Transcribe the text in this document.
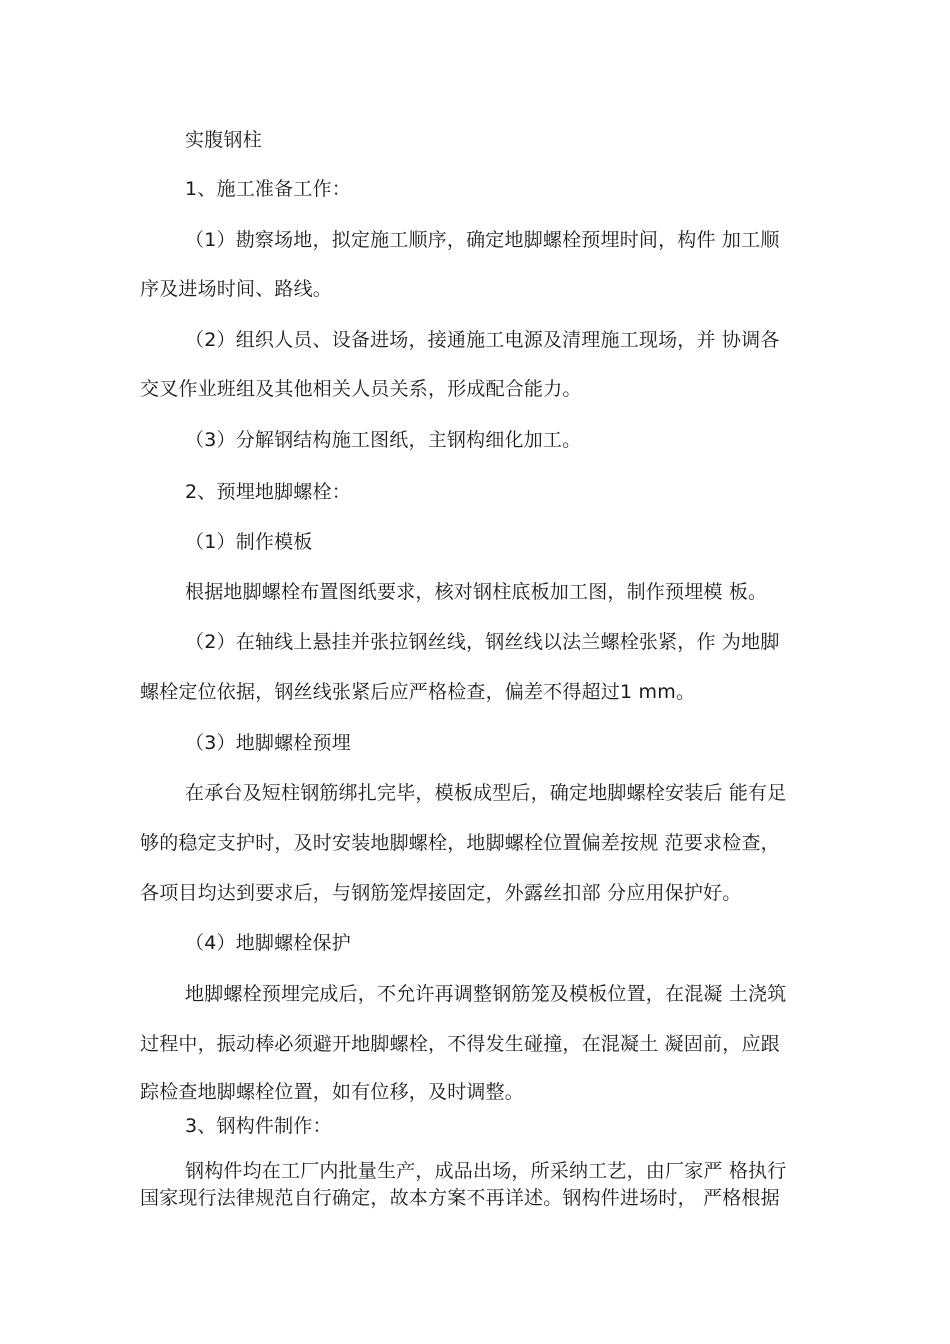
实腹钢柱
1、施工准备工作：
（1）勘察场地，拟定施工顺序，确定地脚螺栓预埋时间，构件 加工顺
序及进场时间、路线。
（2）组织人员、设备进场，接通施工电源及清理施工现场，并 协调各
交叉作业班组及其他相关人员关系，形成配合能力。
（3）分解钢结构施工图纸，主钢构细化加工。
2、预埋地脚螺栓：
（1）制作模板
根据地脚螺栓布置图纸要求，核对钢柱底板加工图，制作预埋模 板。
（2）在轴线上悬挂并张拉钢丝线，钢丝线以法兰螺栓张紧，作 为地脚
螺栓定位依据，钢丝线张紧后应严格检查，偏差不得超过1 mm。
（3）地脚螺栓预埋
在承台及短柱钢筋绑扎完毕，模板成型后，确定地脚螺栓安装后 能有足
够的稳定支护时，及时安装地脚螺栓，地脚螺栓位置偏差按规 范要求检查，
各项目均达到要求后，与钢筋笼焊接固定，外露丝扣部 分应用保护好。
（4）地脚螺栓保护
地脚螺栓预埋完成后，不允许再调整钢筋笼及模板位置，在混凝 土浇筑
过程中，振动棒必须避开地脚螺栓，不得发生碰撞，在混凝土 凝固前，应跟
踪检查地脚螺栓位置，如有位移，及时调整。
3、钢构件制作：
钢构件均在工厂内批量生产，成品出场，所采纳工艺，由厂家严 格执行
国家现行法律规范自行确定，故本方案不再详述。钢构件进场时， 严格根据
